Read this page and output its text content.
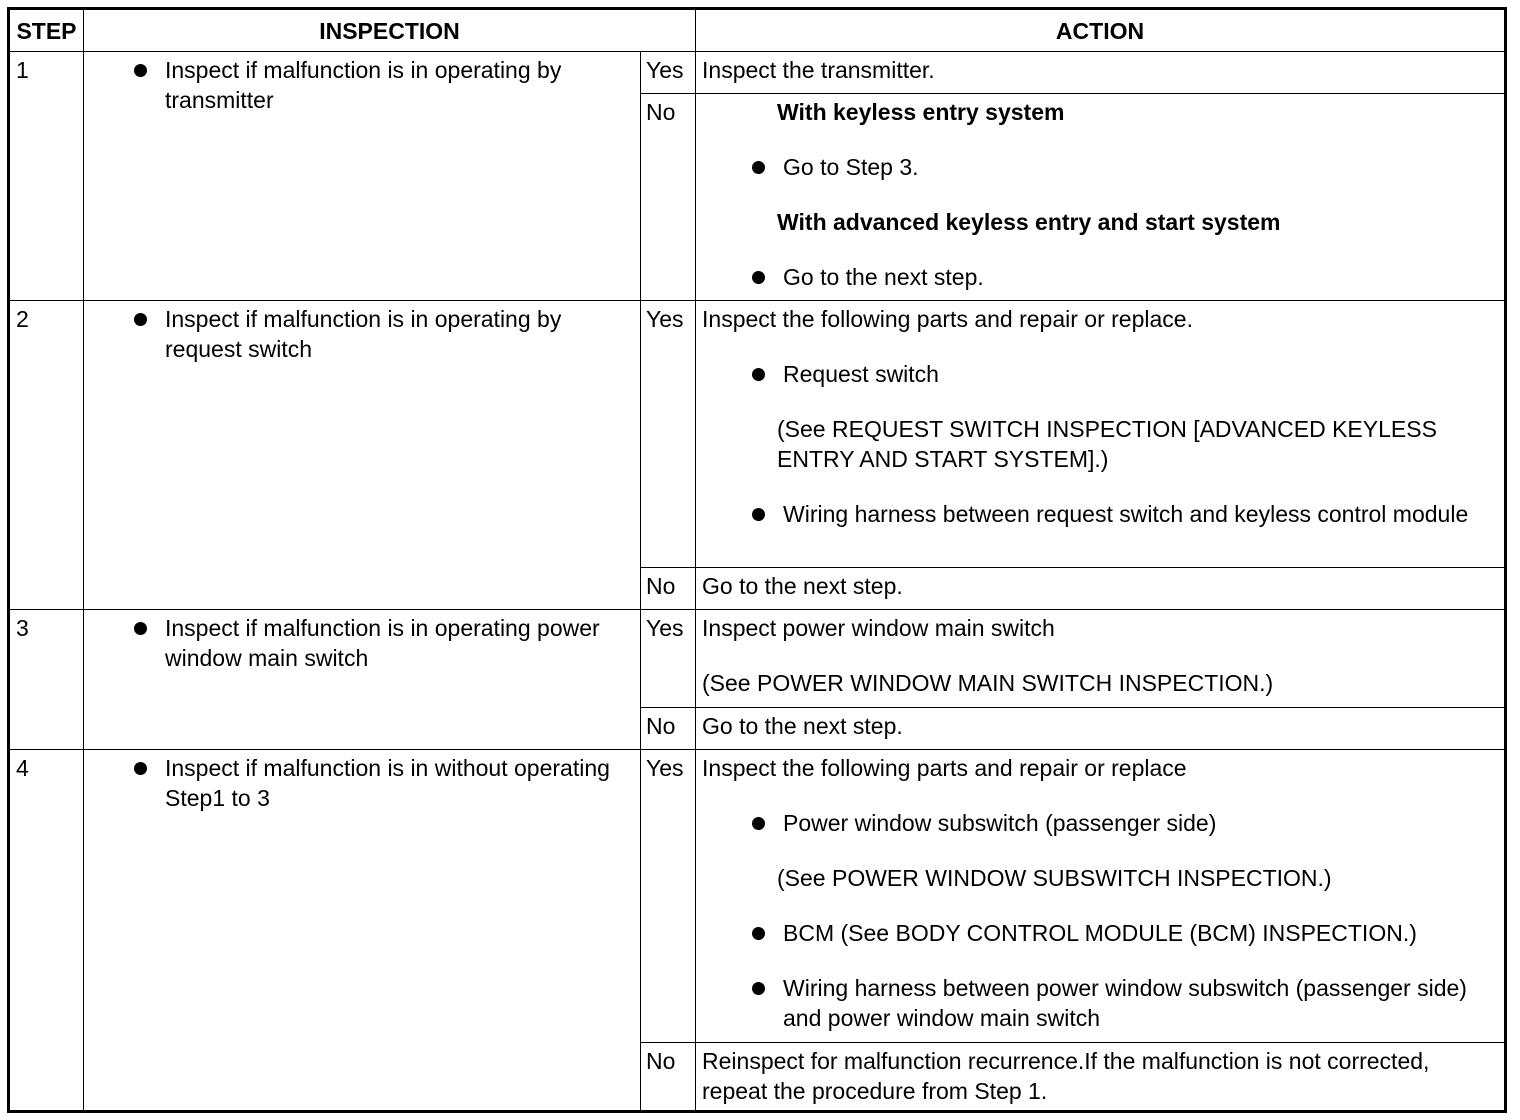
STEP	INSPECTION		ACTION
1	Inspect if malfunction is in operating by transmitter	Yes	Inspect the transmitter.

		No	With keyless entry system
Go to Step 3.
With advanced keyless entry and start system
Go to the next step.

2	Inspect if malfunction is in operating by request switch	Yes	Inspect the following parts and repair or replace.
Request switch
(See REQUEST SWITCH INSPECTION [ADVANCED KEYLESS ENTRY AND START SYSTEM].)
Wiring harness between request switch and keyless control module

		No	Go to the next step.

3	Inspect if malfunction is in operating power window main switch	Yes	Inspect power window main switch
(See POWER WINDOW MAIN SWITCH INSPECTION.)

		No	Go to the next step.

4	Inspect if malfunction is in without operating Step1 to 3	Yes	Inspect the following parts and repair or replace
Power window subswitch (passenger side)
(See POWER WINDOW SUBSWITCH INSPECTION.)
BCM (See BODY CONTROL MODULE (BCM) INSPECTION.)
Wiring harness between power window subswitch (passenger side) and power window main switch

		No	Reinspect for malfunction recurrence.If the malfunction is not corrected, repeat the procedure from Step 1.
